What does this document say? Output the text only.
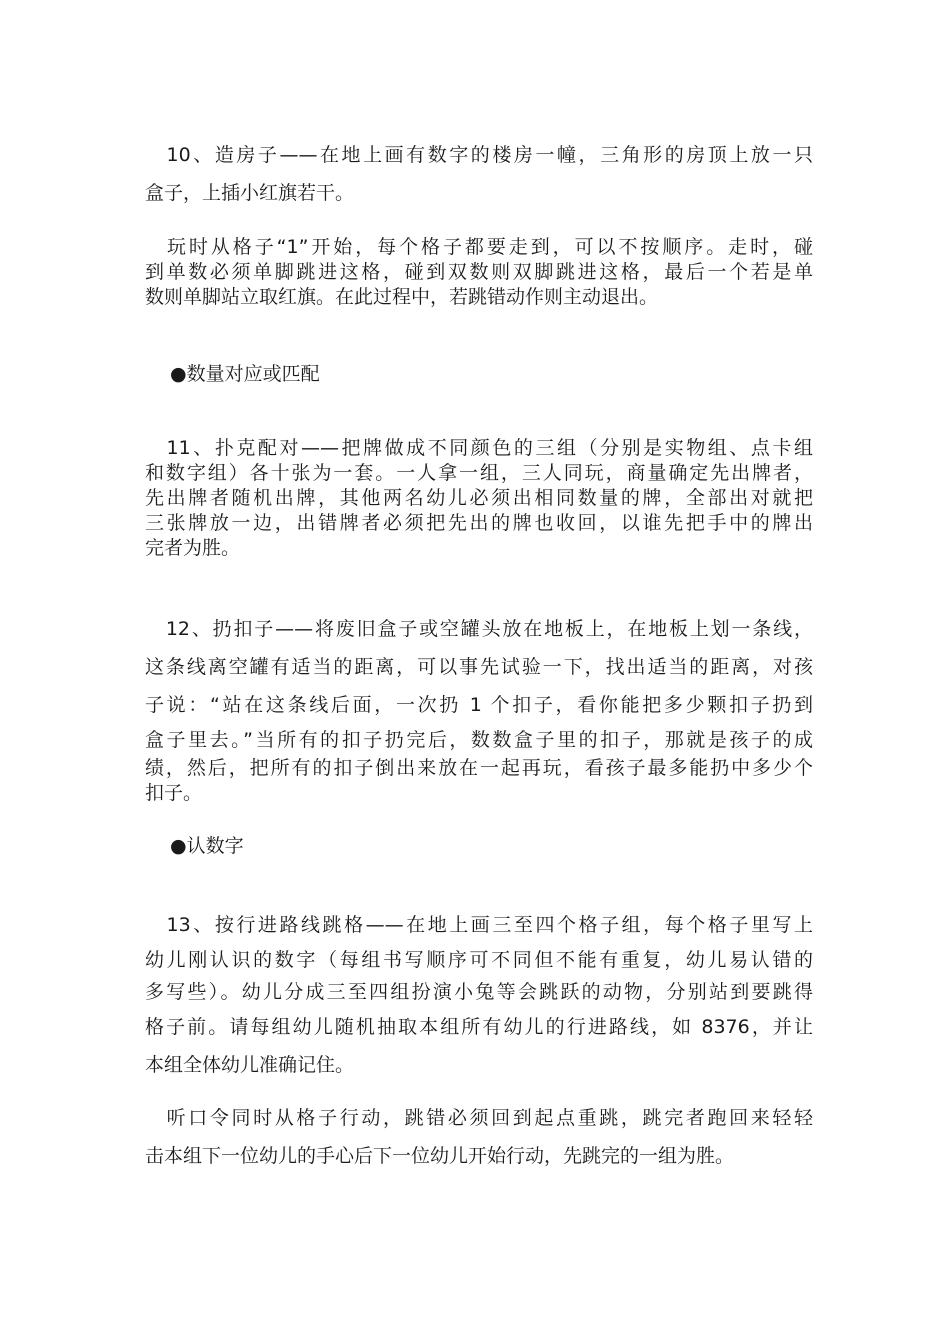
　10、造房子——在地上画有数字的楼房一幢，三角形的房顶上放一只
盒子，上插小红旗若干。
　玩时从格子“1”开始，每个格子都要走到，可以不按顺序。走时，碰
到单数必须单脚跳进这格，碰到双数则双脚跳进这格，最后一个若是单
数则单脚站立取红旗。在此过程中，若跳错动作则主动退出。
●数量对应或匹配
　11、扑克配对——把牌做成不同颜色的三组（分别是实物组、点卡组
和数字组）各十张为一套。一人拿一组，三人同玩，商量确定先出牌者，
先出牌者随机出牌，其他两名幼儿必须出相同数量的牌，全部出对就把
三张牌放一边，出错牌者必须把先出的牌也收回，以谁先把手中的牌出
完者为胜。
　12、扔扣子——将废旧盒子或空罐头放在地板上，在地板上划一条线，
这条线离空罐有适当的距离，可以事先试验一下，找出适当的距离，对孩
子说：“站在这条线后面，一次扔 1 个扣子，看你能把多少颗扣子扔到
盒子里去。”当所有的扣子扔完后，数数盒子里的扣子，那就是孩子的成
绩，然后，把所有的扣子倒出来放在一起再玩，看孩子最多能扔中多少个
扣子。
●认数字
　13、按行进路线跳格——在地上画三至四个格子组，每个格子里写上
幼儿刚认识的数字（每组书写顺序可不同但不能有重复，幼儿易认错的
多写些）。幼儿分成三至四组扮演小兔等会跳跃的动物，分别站到要跳得
格子前。请每组幼儿随机抽取本组所有幼儿的行进路线，如 8376，并让
本组全体幼儿准确记住。
　听口令同时从格子行动，跳错必须回到起点重跳，跳完者跑回来轻轻
击本组下一位幼儿的手心后下一位幼儿开始行动，先跳完的一组为胜。
